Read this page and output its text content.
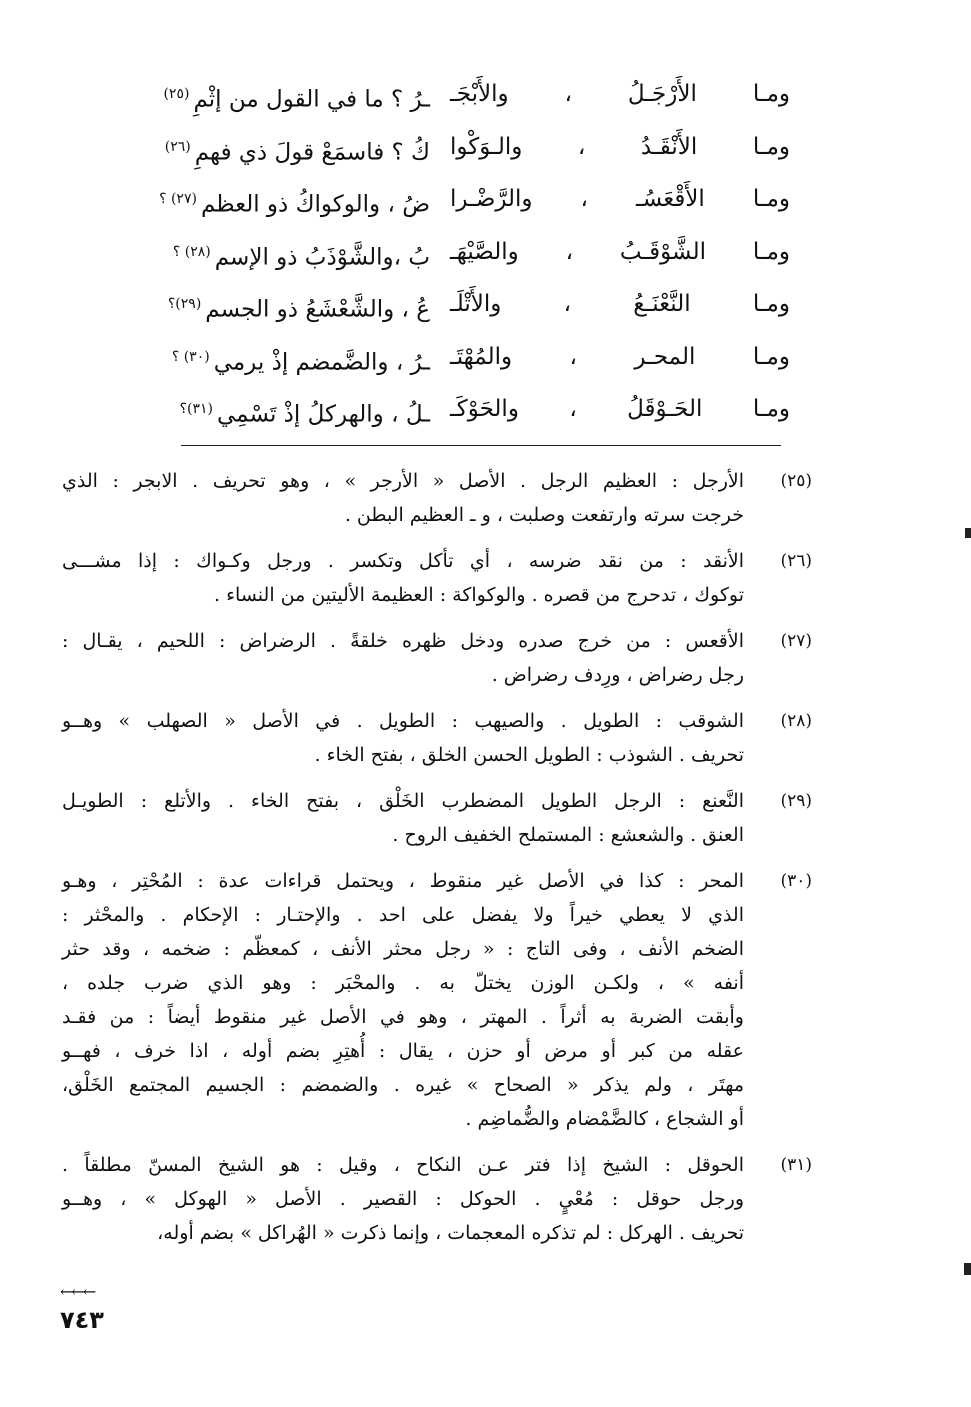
ومـا الأَرْجَـلُ ، والأَبْجَـ
ـرُ ؟ ما في القول من إثْمِ$^{(٢٥)}$
ومـا الأَنْقَـدُ ، والـوَكْوا
كُ ؟ فاسمَعْ قولَ ذي فهمِ$^{(٢٦)}$
ومـا الأَقْعَسُـ ، والرَّضْـرا
ضُ ، والوكواكُ ذو العظم$^{(٢٧) ؟}$
ومـا الشَّوْقَـبُ ، والصَّيْهَـ
بُ ،والشَّوْذَبُ ذو الإسم$^{(٢٨) ؟}$
ومـا النَّعْنَـعُ ، والأَتْلَـ
عُ ، والشَّعْشَعُ ذو الجسم$^{(٢٩)؟}$
ومـا المحـر ، والمُهْتَـ
ـرُ ، والضَّمضم إذْ يرمي$^{(٣٠) ؟}$
ومـا الحَـوْقَلُ ، والحَوْكَـ
ـلُ ، والهركلُ إذْ تَسْمِي$^{(٣١)؟}$
(٢٥)
الأرجل : العظيم الرجل . الأصل « الأرجر » ، وهو تحريف . الابجر : الذي
خرجت سرته وارتفعت وصلبت ، و ـ العظيم البطن .
(٢٦)
الأنقد : من نقد ضرسه ، أي تأكل وتكسر . ورجل وكـواك : إذا مشـــى
توكوك ، تدحرج من قصره . والوكواكة : العظيمة الأليتين من النساء .
(٢٧)
الأقعس : من خرج صدره ودخل ظهره خلقةً . الرضراض : اللحيم ، يقـال :
رجل رضراض ، ورِدف رضراض .
(٢٨)
الشوقب : الطويل . والصيهب : الطويل . في الأصل « الصهلب » وهــو
تحريف . الشوذب : الطويل الحسن الخلق ، بفتح الخاء .
(٢٩)
النَّعنع : الرجل الطويل المضطرب الخَلْق ، بفتح الخاء . والأتلع : الطويـل
العنق . والشعشع : المستملح الخفيف الروح .
(٣٠)
المحر : كذا في الأصل غير منقوط ، ويحتمل قراءات عدة : المُحْتِر ، وهـو
الذي لا يعطي خيراً ولا يفضل على احد . والإحتـار : الإحكام . والمحْثر :
الضخم الأنف ، وفى التاج : « رجل محثر الأنف ، كمعظّم : ضخمه ، وقد حثر
أنفه » ، ولكـن الوزن يختلّ به . والمحْبَر : وهو الذي ضرب جلده ،
وأبقت الضربة به أثراً . المهتر ، وهو في الأصل غير منقوط أيضاً : من فقـد
عقله من كبر أو مرض أو حزن ، يقال : أُهتِرِ بضم أوله ، اذا خرف ، فهــو
مهتَر ، ولم يذكر « الصحاح » غيره . والضمضم : الجسيم المجتمع الخَلْق،
أو الشجاع ، كالضَّمْضام والضُّماضِم .
(٣١)
الحوقل : الشيخ إذا فتر عـن النكاح ، وقيل : هو الشيخ المسنّ مطلقاً .
ورجل حوقل : مُعْيٍ . الحوكل : القصير . الأصل « الهوكل » ، وهــو
تحريف . الهركل : لم تذكره المعجمات ، وإنما ذكرت « الهُراكل » بضم أوله،
←←←
٧٤٣
